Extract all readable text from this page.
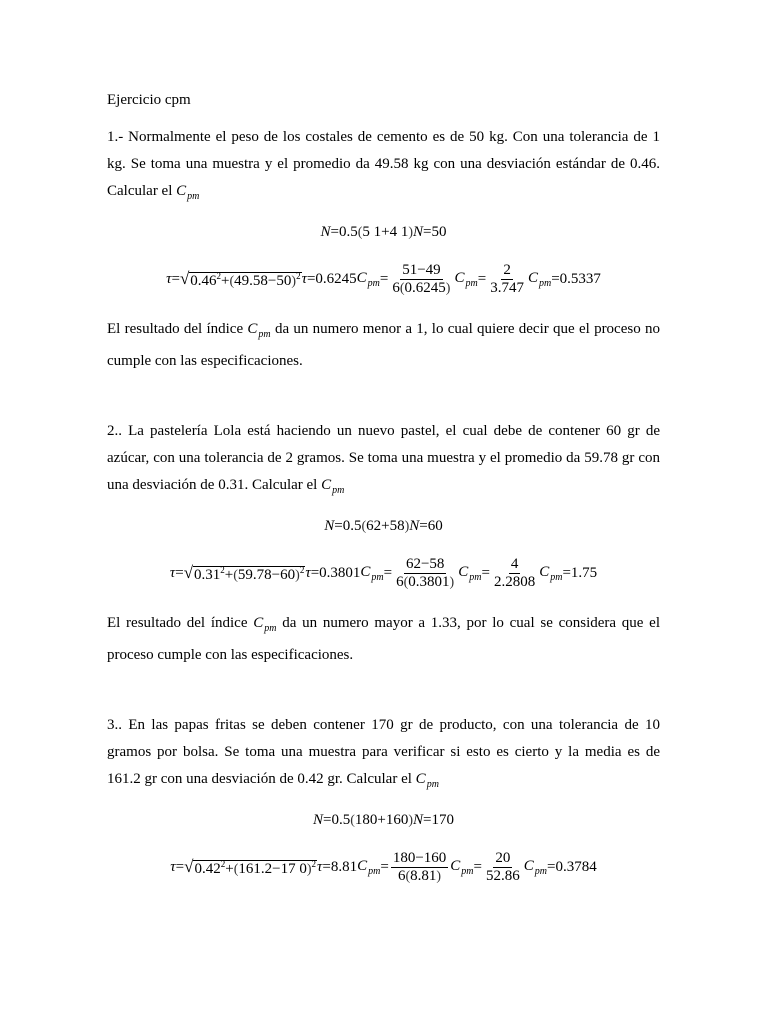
Ejercicio cpm
1.- Normalmente el peso de los costales de cemento es de 50 kg. Con una tolerancia de 1 kg. Se toma una muestra y el promedio da 49.58 kg con una desviación estándar de 0.46. Calcular el $C_{pm}$
N=0.5(5 1+4 1)N=50
τ = √ $0.46^2+(49.58-50)^2$ τ =0.6245 $C_{pm} = \frac{51-49}{6(0.6245)} C_{pm} = \frac{2}{3.747} C_{pm} =0.5337$
El resultado del índice $C_{pm}$ da un numero menor a 1, lo cual quiere decir que el proceso no cumple con las especificaciones.
2.. La pastelería Lola está haciendo un nuevo pastel, el cual debe de contener 60 gr de azúcar, con una tolerancia de 2 gramos. Se toma una muestra y el promedio da 59.78 gr con una desviación de 0.31. Calcular el $C_{pm}$
N=0.5(62+58)N=60
τ = √ $0.31^2+(59.78-60)^2$ τ =0.3801 $C_{pm} = \frac{62-58}{6(0.3801)} C_{pm} = \frac{4}{2.2808} C_{pm} =1.75$
El resultado del índice $C_{pm}$ da un numero mayor a 1.33, por lo cual se considera que el proceso cumple con las especificaciones.
3.. En las papas fritas se deben contener 170 gr de producto, con una tolerancia de 10 gramos por bolsa. Se toma una muestra para verificar si esto es cierto y la media es de 161.2 gr con una desviación de 0.42 gr. Calcular el $C_{pm}$
N=0.5(180+160)N=170
τ = √ $0.42^2+(161.2-17$ 0)$^2$ τ =8.81 $C_{pm} = \frac{180-160}{6(8.81)} C_{pm} = \frac{20}{52.86} C_{pm} =0.3784$
